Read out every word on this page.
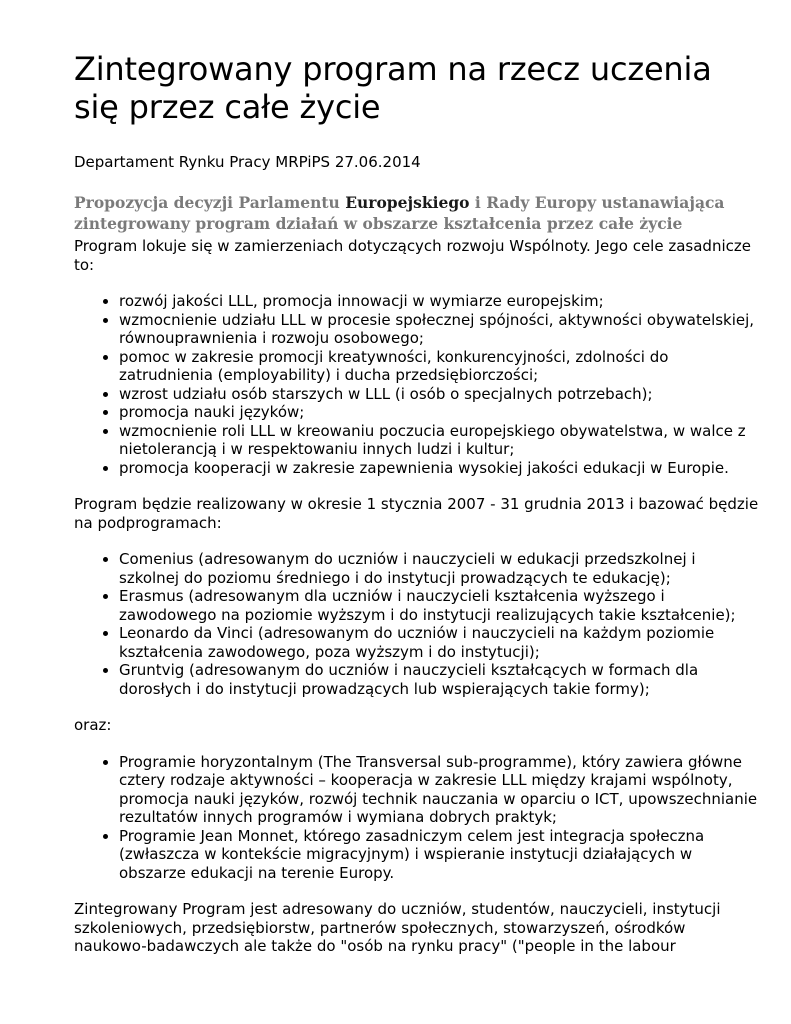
Zintegrowany program na rzecz uczenia się przez całe życie
Departament Rynku Pracy MRPiPS 27.06.2014
Propozycja decyzji Parlamentu Europejskiego i Rady Europy ustanawiająca zintegrowany program działań w obszarze kształcenia przez całe życie

Program lokuje się w zamierzeniach dotyczących rozwoju Wspólnoty. Jego cele zasadnicze to:

• rozwój jakości LLL, promocja innowacji w wymiarze europejskim;
• wzmocnienie udziału LLL w procesie społecznej spójności, aktywności obywatelskiej, równouprawnienia i rozwoju osobowego;
• pomoc w zakresie promocji kreatywności, konkurencyjności, zdolności do zatrudnienia (employability) i ducha przedsiębiorczości;
• wzrost udziału osób starszych w LLL (i osób o specjalnych potrzebach);
• promocja nauki języków;
• wzmocnienie roli LLL w kreowaniu poczucia europejskiego obywatelstwa, w walce z nietolerancją i w respektowaniu innych ludzi i kultur;
• promocja kooperacji w zakresie zapewnienia wysokiej jakości edukacji w Europie.

Program będzie realizowany w okresie 1 stycznia 2007 - 31 grudnia 2013 i bazować będzie na podprogramach:

• Comenius (adresowanym do uczniów i nauczycieli w edukacji przedszkolnej i szkolnej do poziomu średniego i do instytucji prowadzących te edukację);
• Erasmus (adresowanym dla uczniów i nauczycieli kształcenia wyższego i zawodowego na poziomie wyższym i do instytucji realizujących takie kształcenie);
• Leonardo da Vinci (adresowanym do uczniów i nauczycieli na każdym poziomie kształcenia zawodowego, poza wyższym i do instytucji);
• Gruntvig (adresowanym do uczniów i nauczycieli kształcących w formach dla dorosłych i do instytucji prowadzących lub wspierających takie formy);

oraz:

• Programie horyzontalnym (The Transversal sub-programme), który zawiera główne cztery rodzaje aktywności – kooperacja w zakresie LLL między krajami wspólnoty, promocja nauki języków, rozwój technik nauczania w oparciu o ICT, upowszechnianie rezultatów innych programów i wymiana dobrych praktyk;
• Programie Jean Monnet, którego zasadniczym celem jest integracja społeczna (zwłaszcza w kontekście migracyjnym) i wspieranie instytucji działających w obszarze edukacji na terenie Europy.

Zintegrowany Program jest adresowany do uczniów, studentów, nauczycieli, instytucji szkoleniowych, przedsiębiorstw, partnerów społecznych, stowarzyszeń, ośrodków naukowo-badawczych ale także do "osób na rynku pracy" ("people in the labour
